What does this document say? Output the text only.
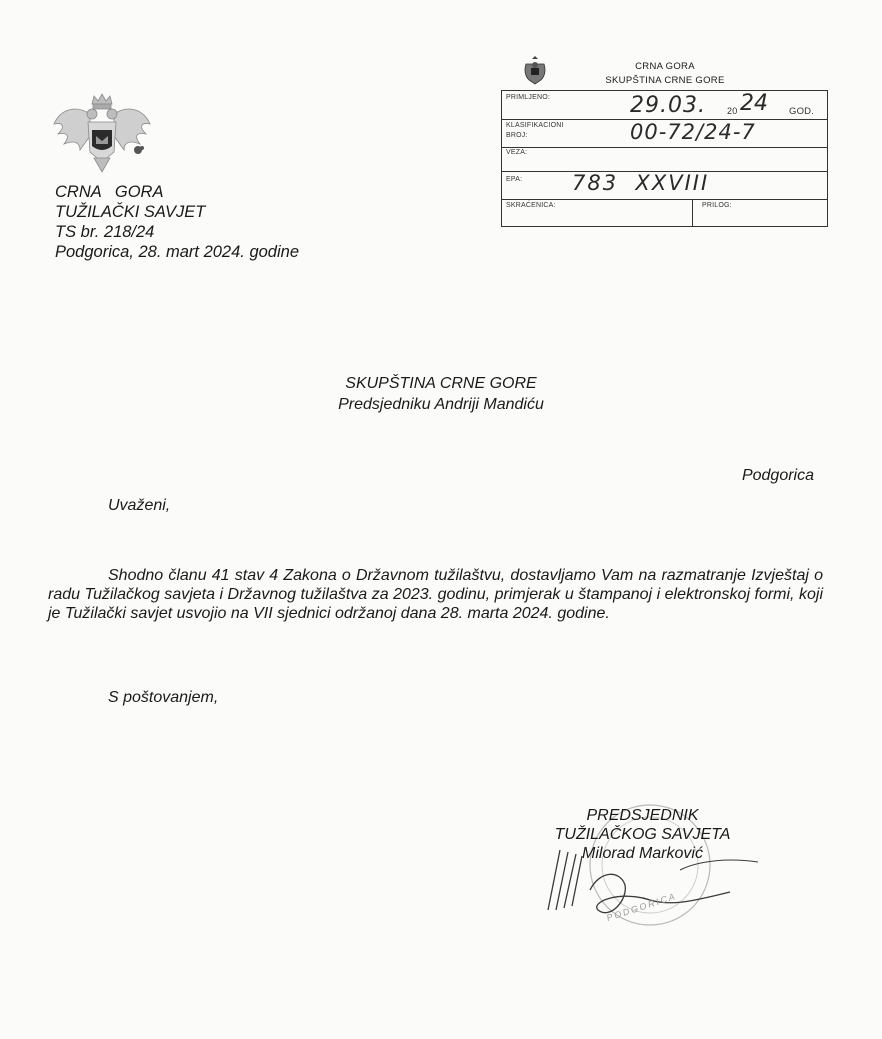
CRNA   GORA
TUŽILAČKI SAVJET
TS br. 218/24
Podgorica, 28. mart 2024. godine
CRNA GORA
SKUPŠTINA CRNE GORE
PRIMLJENO:	29.03. 20 24 GOD.
KLASIFIKACIONI
BROJ:	00-72/24-7
VEZA:
EPA: 783  XXVIII
SKRAĆENICA:	PRILOG:
SKUPŠTINA CRNE GORE
Predsjedniku Andriji Mandiću
Podgorica
Uvaženi,
Shodno članu 41 stav 4 Zakona o Državnom tužilaštvu, dostavljamo Vam na razmatranje Izvještaj o radu Tužilačkog savjeta i Državnog tužilaštva za 2023. godinu, primjerak u štampanoj i elektronskoj formi, koji je Tužilački savjet usvojio na VII sjednici održanoj dana 28. marta 2024. godine.
S poštovanjem,
PODGORICA
PREDSJEDNIK
TUŽILAČKOG SAVJETA
Milorad Marković
